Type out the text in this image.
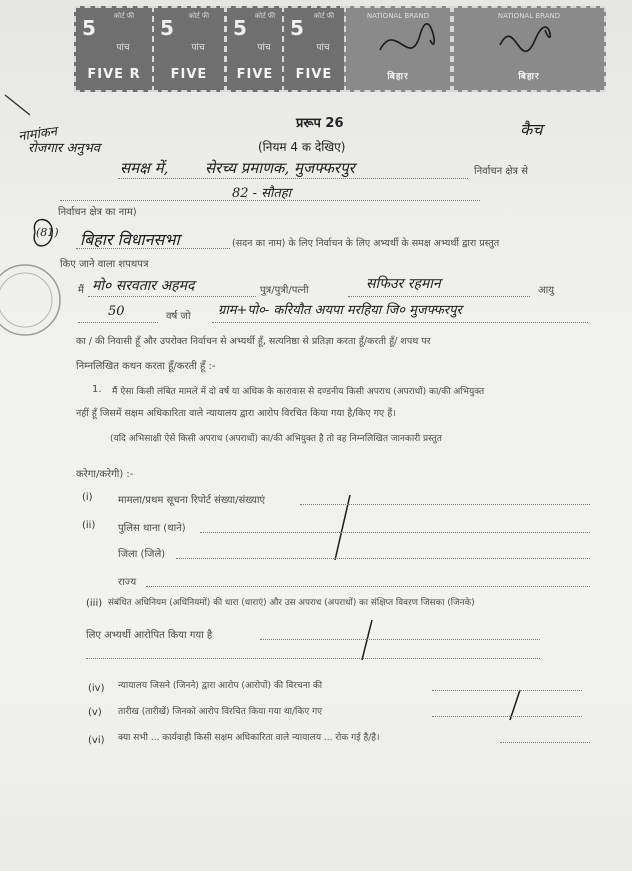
5	कोर्ट फी
पांच
FIVE R
5	कोर्ट फी
पांच
FIVE
5	कोर्ट फी
पांच
FIVE
5	कोर्ट फी
पांच
FIVE
NATIONAL BRAND
बिहार
NATIONAL BRAND
बिहार
नामांकन
रोजगार अनुभव
कैच
(81)
प्ररूप 26
(नियम 4 क देखिए)
समक्ष में, सेरच्य प्रमाणक, मुजफ्फरपुर	निर्वाचन क्षेत्र से
82 - सौतहा
निर्वाचन क्षेत्र का नाम)
बिहार विधानसभा	(सदन का नाम) के लिए निर्वाचन के लिए अभ्यर्थी के समक्ष अभ्यर्थी द्वारा प्रस्तुत
किए जाने वाला शपथपत्र
मैं मो० सरवतार अहमद	पुत्र/पुत्री/पत्नी	सफिउर रहमान	आयु
50	वर्ष जो ग्राम+पो०- करियौत अयपा मरहिया जि० मुजफ्फरपुर
का / की निवासी हूँ और उपरोक्त निर्वाचन से अभ्यर्थी हूँ, सत्यनिष्ठा से प्रतिज्ञा करता हूँ/करती हूँ/ शपथ पर
निम्नलिखित कथन करता हूँ/करती हूँ :-
1. मैं ऐसा किसी लंबित मामले में दो वर्ष या अधिक के कारावास से दण्डनीय किसी अपराध (अपराधों) का/की अभियुक्त
नहीं हूँ जिसमें सक्षम अधिकारिता वाले न्यायालय द्वारा आरोप विरचित किया गया है/किए गए हैं।
(यदि अभिसाक्षी ऐसे किसी अपराध (अपराधों) का/की अभियुक्त है तो वह निम्नलिखित जानकारी प्रस्तुत
करेगा/करेगी) :-
(i)	मामला/प्रथम सूचना रिपोर्ट संख्या/संख्याएं
(ii) पुलिस थाना (थाने)
जिला (जिले)
राज्य
(iii) संबंधित अधिनियम (अधिनियमों) की धारा (धाराएं) और उस अपराध (अपराधों) का संक्षिप्त विवरण जिसका (जिनके)
लिए अभ्यर्थी आरोपित किया गया है
(iv) न्यायालय जिसने (जिनने) द्वारा आरोप (आरोपों) की विरचना की
(v) तारीख (तारीखें) जिनको आरोप विरचित किया गया था/किए गए
(vi) क्या सभी ... कार्यवाही किसी सक्षम अधिकारिता वाले न्यायालय ... रोक गई है/है।
